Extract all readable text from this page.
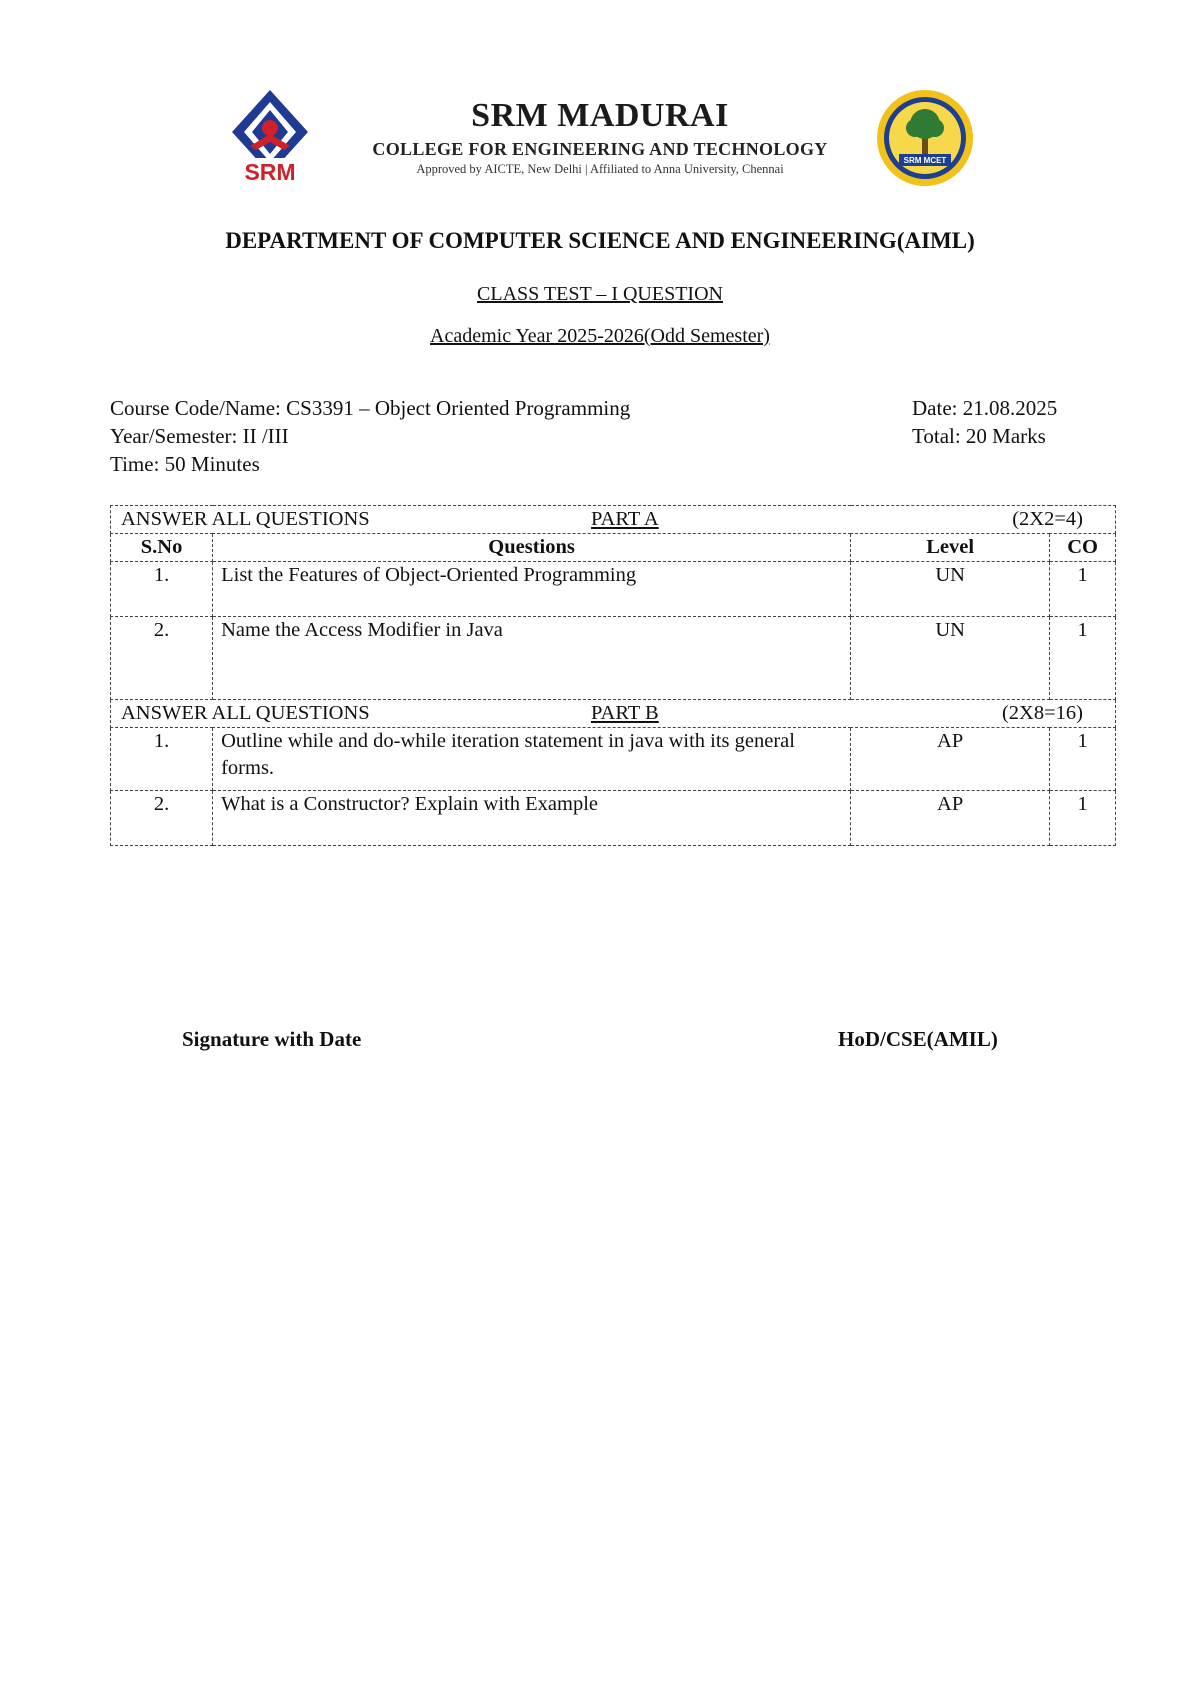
SRM
SRM MADURAI
COLLEGE FOR ENGINEERING AND TECHNOLOGY
Approved by AICTE, New Delhi | Affiliated to Anna University, Chennai
SRM MCET
DEPARTMENT OF COMPUTER SCIENCE AND ENGINEERING(AIML)
CLASS TEST – I QUESTION
Academic Year 2025-2026(Odd Semester)
Course Code/Name: CS3391 – Object Oriented Programming
Year/Semester: II /III
Time: 50 Minutes
Date: 21.08.2025
Total: 20 Marks
ANSWER ALL QUESTIONS PART A (2X2=4)			

S.No	Questions	Level	CO
1.	List the Features of Object-Oriented Programming	UN	1
2.	Name the Access Modifier in Java	UN	1

ANSWER ALL QUESTIONS PART B (2X8=16)			

1.	Outline while and do-while iteration statement in java with its general forms.	AP	1
2.	What is a Constructor? Explain with Example	AP	1
Signature with Date	HoD/CSE(AMIL)
